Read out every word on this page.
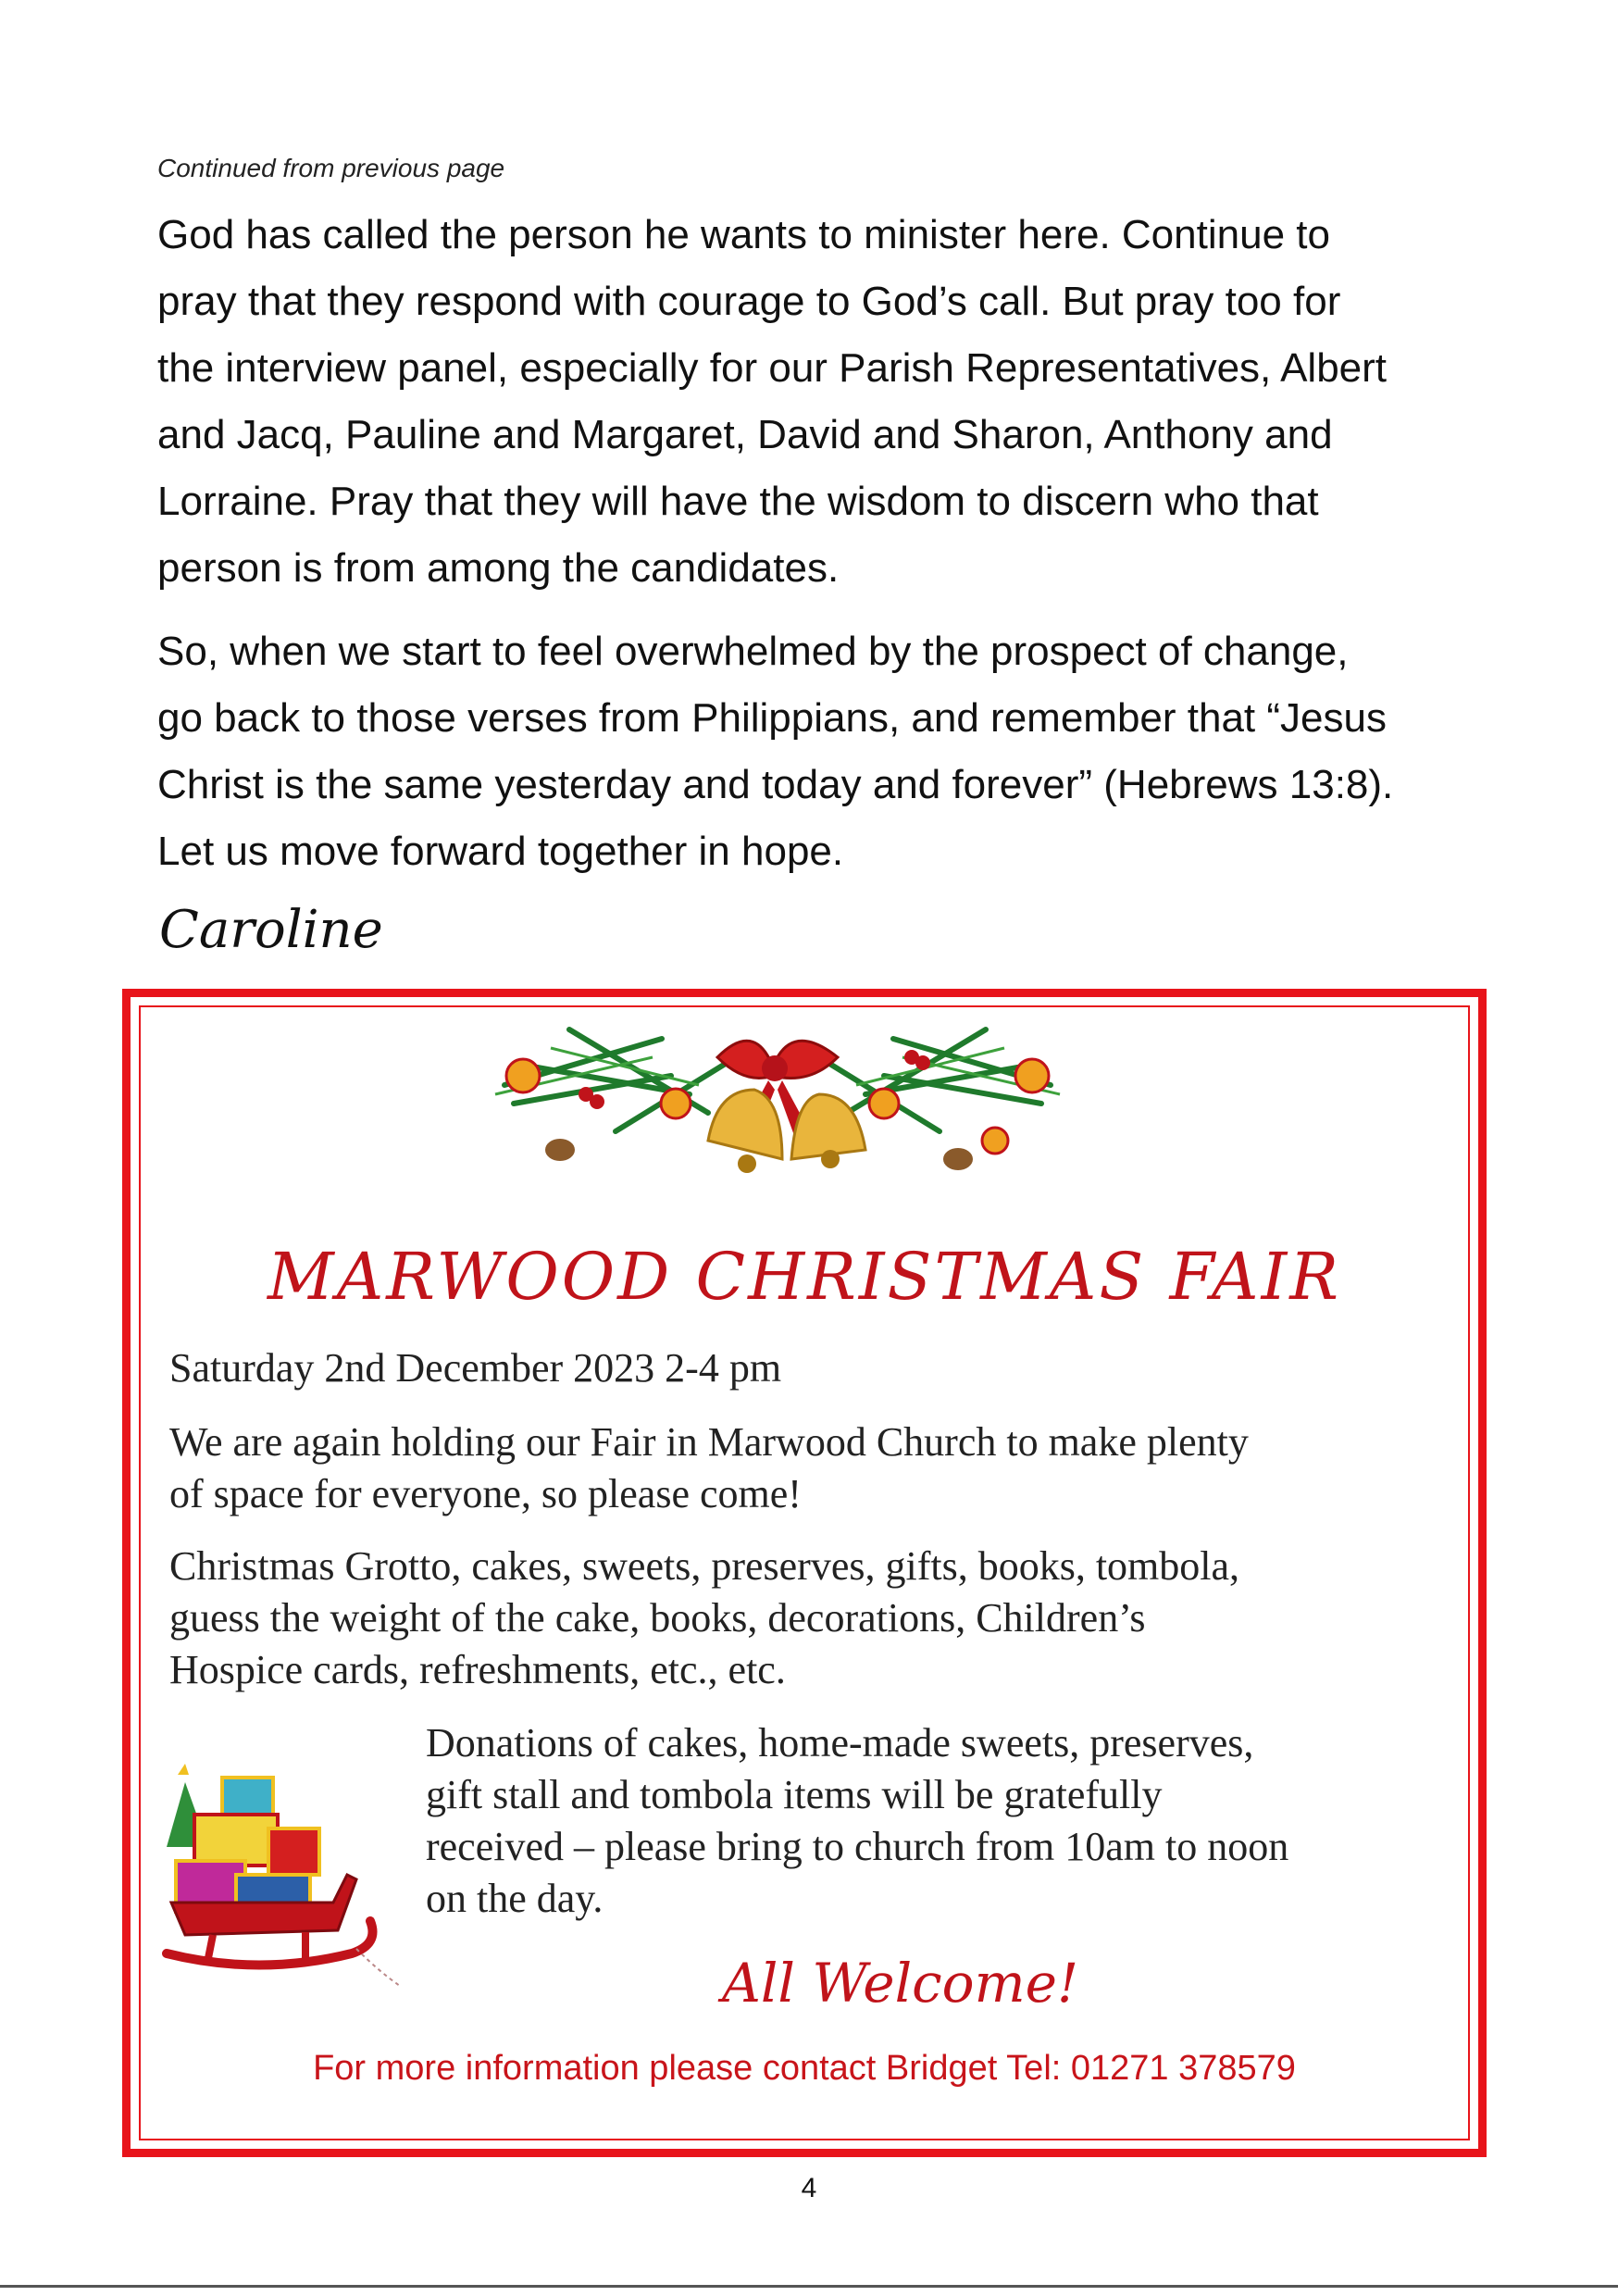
Continued from previous page

God has called the person he wants to minister here. Continue to

pray that they respond with courage to God’s call. But pray too for

the interview panel, especially for our Parish Representatives, Albert

and Jacq, Pauline and Margaret, David and Sharon, Anthony and

Lorraine. Pray that they will have the wisdom to discern who that

person is from among the candidates.

So, when we start to feel overwhelmed by the prospect of change,

go back to those verses from Philippians, and remember that “Jesus

Christ is the same yesterday and today and forever” (Hebrews 13:8).

Let us move forward together in hope.

Caroline
MARWOOD CHRISTMAS FAIR
Saturday 2nd December 2023 2-4 pm

We are again holding our Fair in Marwood Church to make plenty

of space for everyone, so please come!

Christmas Grotto, cakes, sweets, preserves, gifts, books, tombola,

guess the weight of the cake, books, decorations, Children’s

Hospice cards, refreshments, etc., etc.

Donations of cakes, home-made sweets, preserves,

gift stall and tombola items will be gratefully

received – please bring to church from 10am to noon

on the day.

All Welcome!
For more information please contact Bridget Tel: 01271 378579
4
